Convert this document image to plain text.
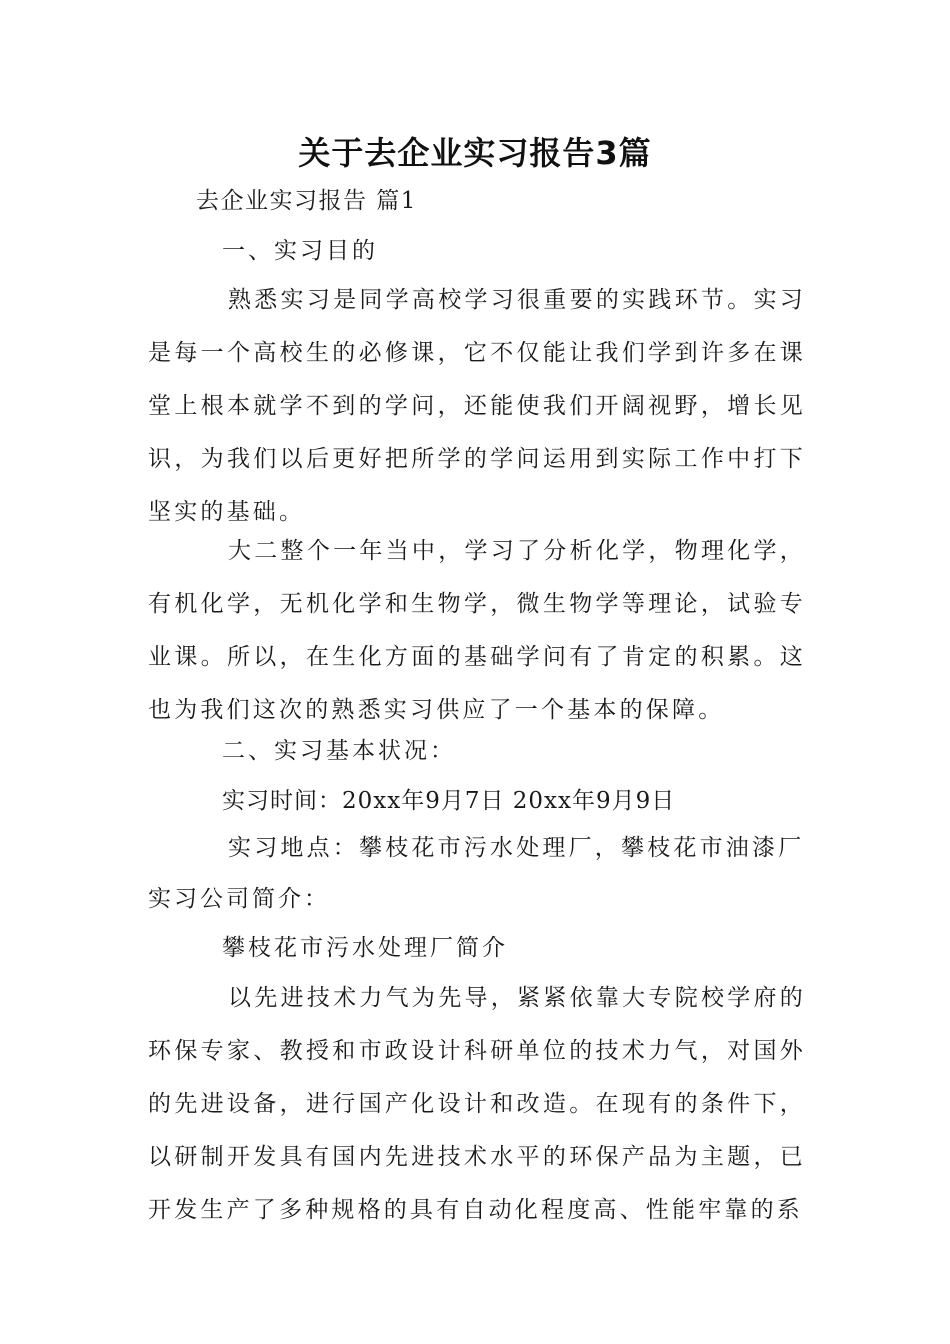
关于去企业实习报告3篇
去企业实习报告 篇1
一、实习目的
熟悉实习是同学高校学习很重要的实践环节。实习是每一个高校生的必修课，它不仅能让我们学到许多在课堂上根本就学不到的学问，还能使我们开阔视野，增长见识，为我们以后更好把所学的学问运用到实际工作中打下坚实的基础。
大二整个一年当中，学习了分析化学，物理化学，有机化学，无机化学和生物学，微生物学等理论，试验专业课。所以，在生化方面的基础学问有了肯定的积累。这也为我们这次的熟悉实习供应了一个基本的保障。
二、实习基本状况：
实习时间：20xx年9月7日 20xx年9月9日
实习地点：攀枝花市污水处理厂，攀枝花市油漆厂
实习公司简介：
攀枝花市污水处理厂简介
以先进技术力气为先导，紧紧依靠大专院校学府的环保专家、教授和市政设计科研单位的技术力气，对国外的先进设备，进行国产化设计和改造。在现有的条件下，以研制开发具有国内先进技术水平的环保产品为主题，已开发生产了多种规格的具有自动化程度高、性能牢靠的系
